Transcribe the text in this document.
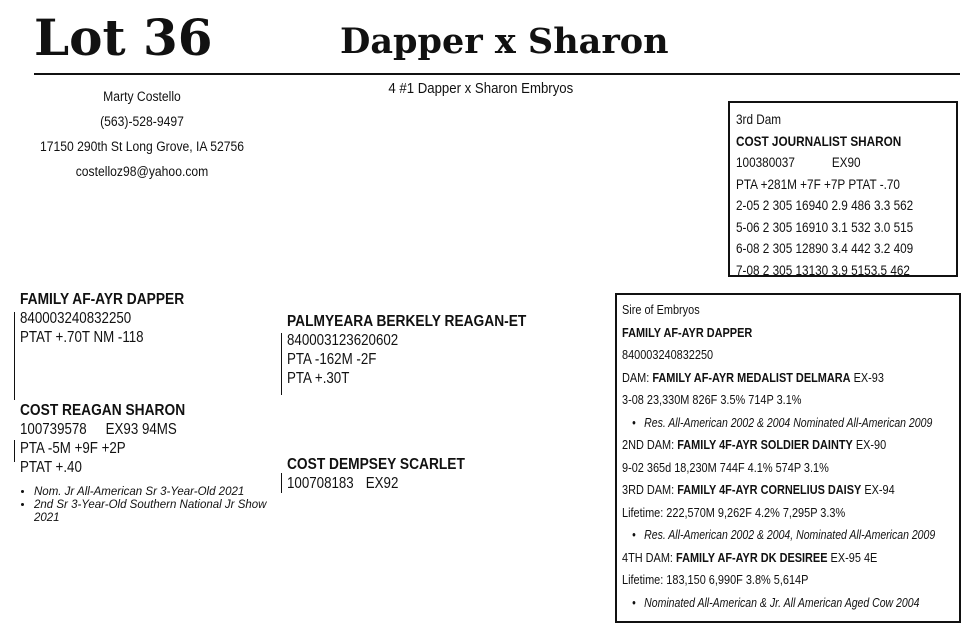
Lot 36	Dapper x Sharon
4 #1 Dapper x Sharon Embryos
Marty Costello
(563)-528-9497
17150 290th St Long Grove, IA 52756
costelloz98@yahoo.com
3rd Dam
COST JOURNALIST SHARON
100380037	EX90
PTA +281M +7F +7P PTAT -.70
2-05 2 305 16940 2.9 486 3.3 562
5-06 2 305 16910 3.1 532 3.0 515
6-08 2 305 12890 3.4 442 3.2 409
7-08 2 305 13130 3.9 5153.5 462
FAMILY AF-AYR DAPPER
840003240832250
PTAT +.70T NM -118
COST REAGAN SHARON
100739578 EX93 94MS
PTA -5M +9F +2P
PTAT +.40
• Nom. Jr All-American Sr 3-Year-Old 2021
• 2nd Sr 3-Year-Old Southern National Jr Show 2021
PALMYEARA BERKELY REAGAN-ET
840003123620602
PTA -162M -2F
PTA +.30T
COST DEMPSEY SCARLET
100708183 EX92
Sire of Embryos
FAMILY AF-AYR DAPPER
840003240832250
DAM: FAMILY AF-AYR MEDALIST DELMARA EX-93
3-08 23,330M 826F 3.5% 714P 3.1%
• Res. All-American 2002 & 2004 Nominated All-American 2009
2ND DAM: FAMILY 4F-AYR SOLDIER DAINTY EX-90
9-02 365d 18,230M 744F 4.1% 574P 3.1%
3RD DAM: FAMILY 4F-AYR CORNELIUS DAISY EX-94
Lifetime: 222,570M 9,262F 4.2% 7,295P 3.3%
• Res. All-American 2002 & 2004, Nominated All-American 2009
4TH DAM: FAMILY AF-AYR DK DESIREE EX-95 4E
Lifetime: 183,150 6,990F 3.8% 5,614P
• Nominated All-American & Jr. All American Aged Cow 2004
